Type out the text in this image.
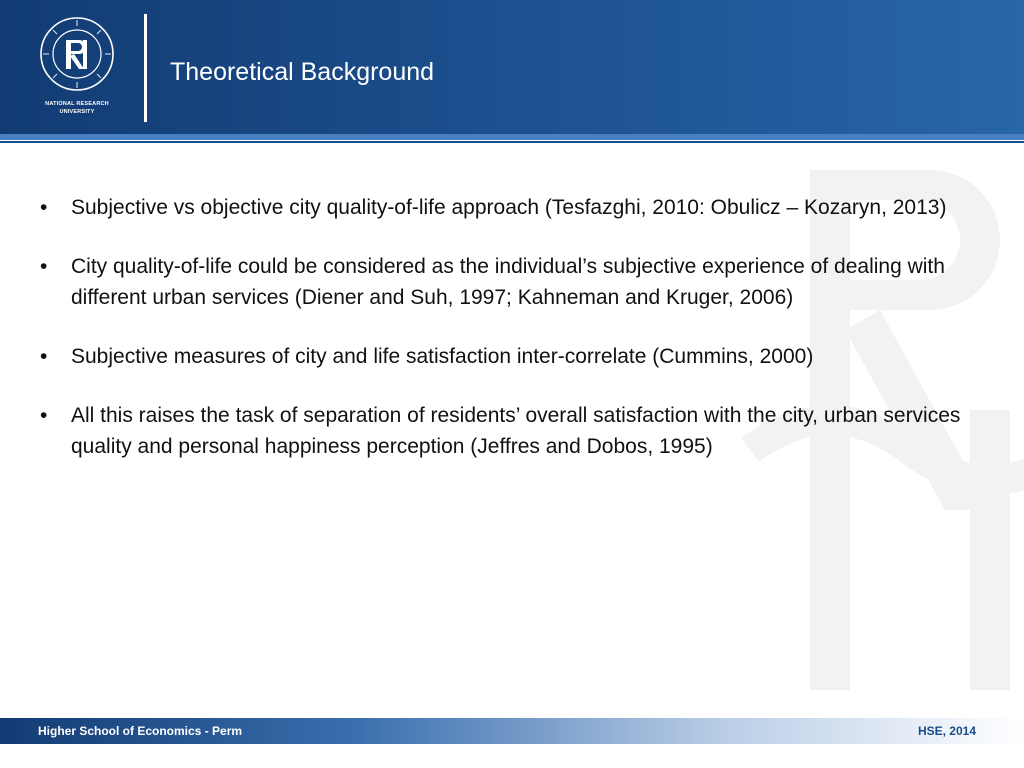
NATIONAL RESEARCH
UNIVERSITY
Theoretical Background
•	Subjective vs objective city quality-of-life approach (Tesfazghi, 2010: Obulicz – Kozaryn, 2013)
•	City quality-of-life could be considered as the individual’s subjective experience of dealing with different urban services (Diener and Suh, 1997; Kahneman and Kruger, 2006)
•	Subjective measures of city and life satisfaction inter-correlate (Cummins, 2000)
•	All this raises the task of separation of residents’ overall satisfaction with the city, urban services quality and personal happiness perception (Jeffres and Dobos, 1995)
Higher School of Economics - Perm	HSE, 2014
